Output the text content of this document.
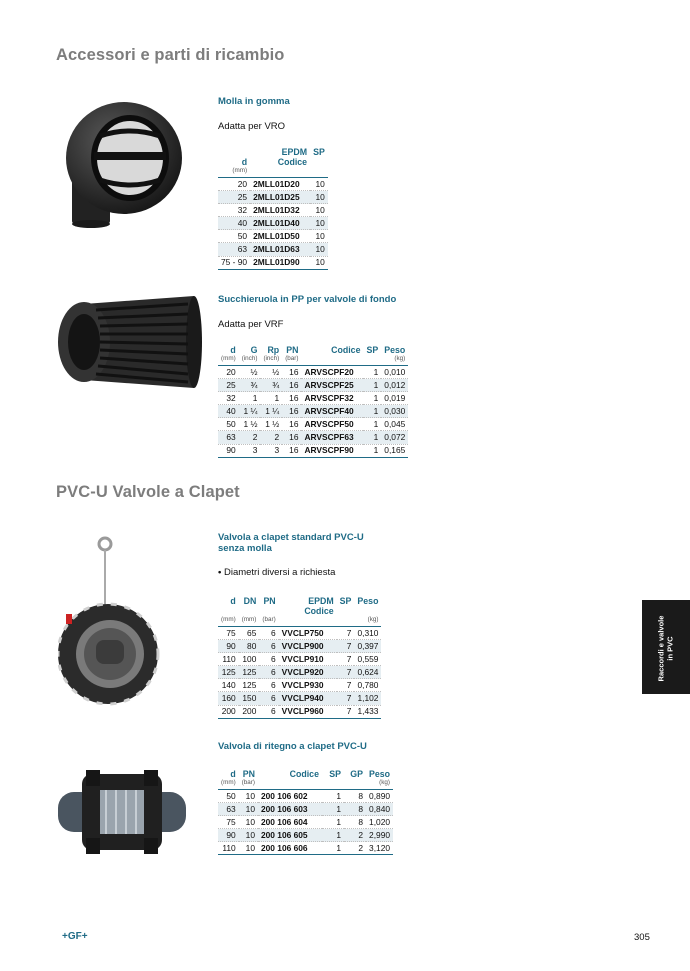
Accessori e parti di ricambio
PVC-U Valvole a Clapet
Molla in gomma
Adatta per VRO
d	EPDM
Codice	SP
(mm)		
20	2MLL01D20	10
25	2MLL01D25	10
32	2MLL01D32	10
40	2MLL01D40	10
50	2MLL01D50	10
63	2MLL01D63	10
75 - 90	2MLL01D90	10
Succhieruola in PP per valvole di fondo
Adatta per VRF
d	G	Rp	PN	Codice	SP	Peso
(mm)	(inch)	(inch)	(bar)			(kg)
20	½	½	16	ARVSCPF20	1	0,010
25	¾	¾	16	ARVSCPF25	1	0,012
32	1	1	16	ARVSCPF32	1	0,019
40	1 ¼	1 ¼	16	ARVSCPF40	1	0,030
50	1 ½	1 ½	16	ARVSCPF50	1	0,045
63	2	2	16	ARVSCPF63	1	0,072
90	3	3	16	ARVSCPF90	1	0,165
Valvola a clapet standard PVC-U
senza molla
• Diametri diversi a richiesta
d	DN	PN	EPDM
Codice	SP	Peso
(mm)	(mm)	(bar)			(kg)
75	65	6	VVCLP750	7	0,310
90	80	6	VVCLP900	7	0,397
110	100	6	VVCLP910	7	0,559
125	125	6	VVCLP920	7	0,624
140	125	6	VVCLP930	7	0,780
160	150	6	VVCLP940	7	1,102
200	200	6	VVCLP960	7	1,433
Valvola di ritegno a clapet PVC-U
d	PN	Codice	SP	GP	Peso
(mm)	(bar)				(kg)
50	10	200 106 602	1	8	0,890
63	10	200 106 603	1	8	0,840
75	10	200 106 604	1	8	1,020
90	10	200 106 605	1	2	2,990
110	10	200 106 606	1	2	3,120
Raccordi e valvole
in PVC
+GF+	305
